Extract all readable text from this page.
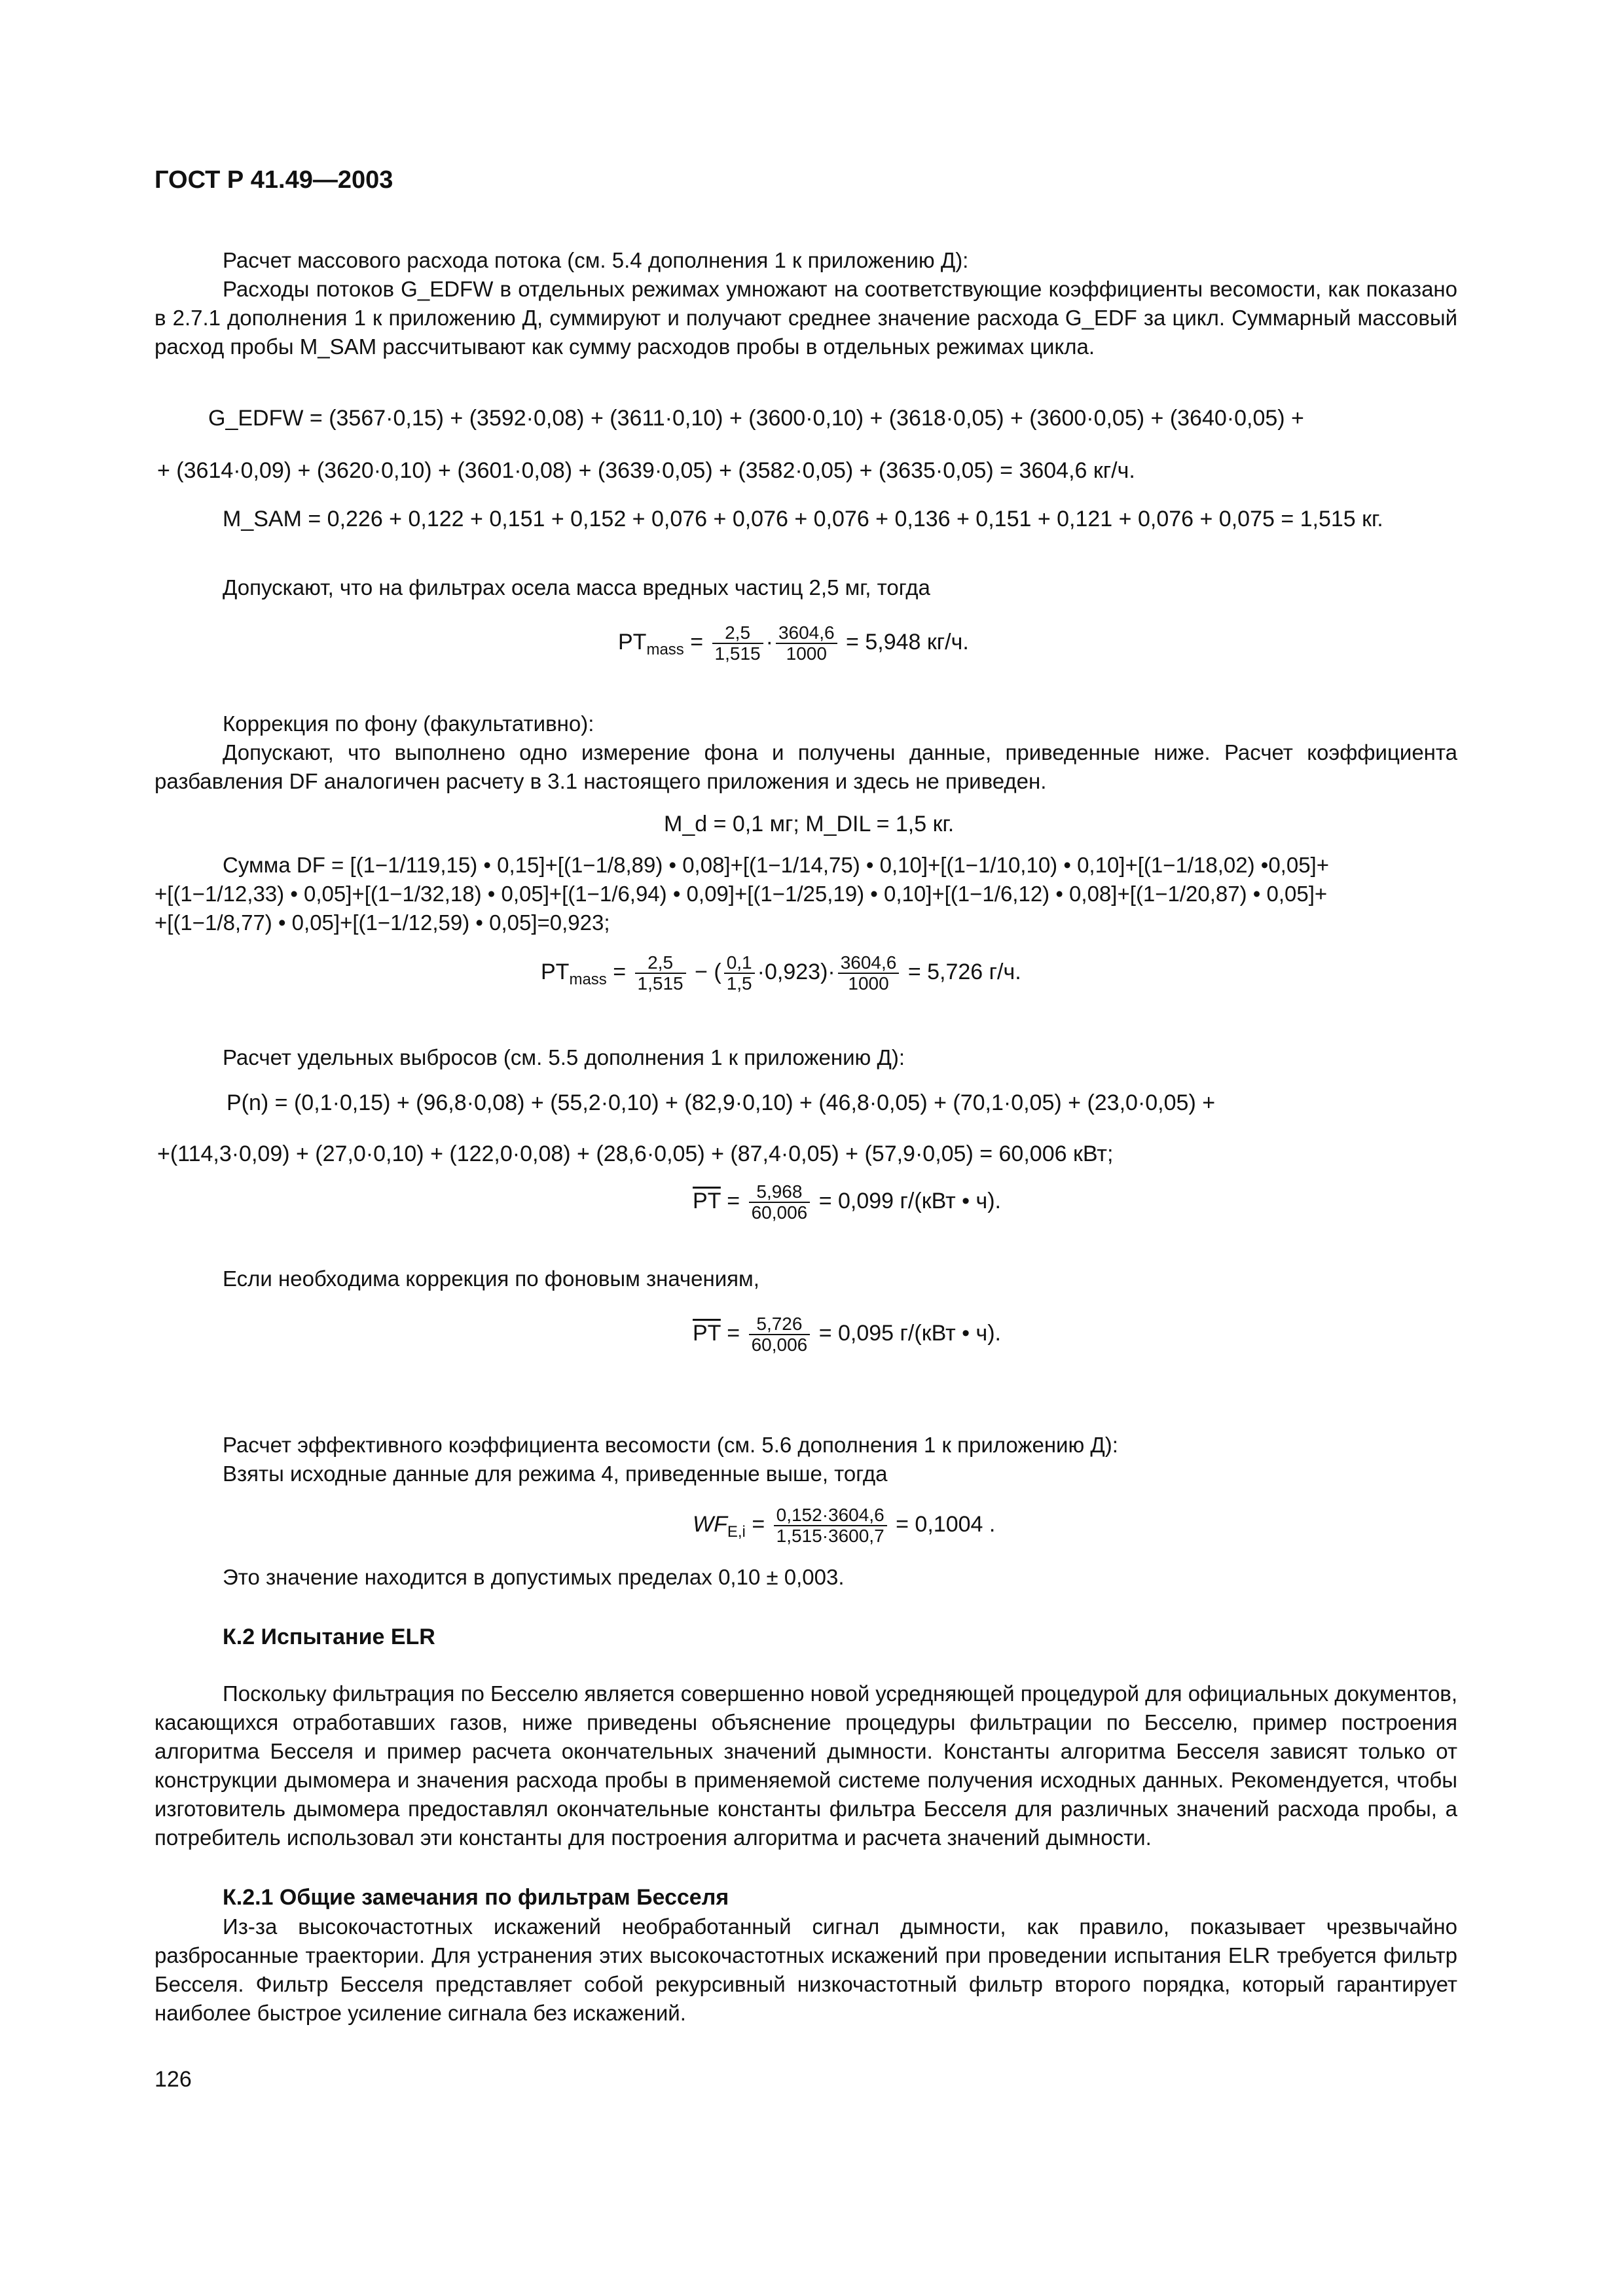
ГОСТ Р 41.49—2003
Расчет массового расхода потока (см. 5.4 дополнения 1 к приложению Д):
Расходы потоков G_EDFW в отдельных режимах умножают на соответствующие коэффициенты весомости, как показано в 2.7.1 дополнения 1 к приложению Д, суммируют и получают среднее значение расхода G_EDF за цикл. Суммарный массовый расход пробы M_SAM рассчитывают как сумму расходов пробы в отдельных режимах цикла.
G_EDFW = (3567·0,15) + (3592·0,08) + (3611·0,10) + (3600·0,10) + (3618·0,05) + (3600·0,05) + (3640·0,05) +
+ (3614·0,09) + (3620·0,10) + (3601·0,08) + (3639·0,05) + (3582·0,05) + (3635·0,05) = 3604,6 кг/ч.
M_SAM = 0,226 + 0,122 + 0,151 + 0,152 + 0,076 + 0,076 + 0,076 + 0,136 + 0,151 + 0,121 + 0,076 + 0,075 = 1,515 кг.
Допускают, что на фильтрах осела масса вредных частиц 2,5 мг, тогда
$PT_{mass} = \frac{2,5}{1,515} \cdot \frac{3604,6}{1000} = 5,948$ кг/ч.
Коррекция по фону (факультативно):
Допускают, что выполнено одно измерение фона и получены данные, приведенные ниже. Расчет коэффициента разбавления DF аналогичен расчету в 3.1 настоящего приложения и здесь не приведен.
M_d = 0,1 мг; M_DIL = 1,5 кг.
Сумма DF = [(1−1/119,15) • 0,15]+[(1−1/8,89) • 0,08]+[(1−1/14,75) • 0,10]+[(1−1/10,10) • 0,10]+[(1−1/18,02) •0,05]+
+[(1−1/12,33) • 0,05]+[(1−1/32,18) • 0,05]+[(1−1/6,94) • 0,09]+[(1−1/25,19) • 0,10]+[(1−1/6,12) • 0,08]+[(1−1/20,87) • 0,05]+
+[(1−1/8,77) • 0,05]+[(1−1/12,59) • 0,05]=0,923;
$PT_{mass} = \frac{2,5}{1,515}$ − ( $\frac{0,1}{1,5} \cdot 0,923)\cdot \frac{3604,6}{1000} = 5,726$ г/ч.
Расчет удельных выбросов (см. 5.5 дополнения 1 к приложению Д):
P(n) = (0,1·0,15) + (96,8·0,08) + (55,2·0,10) + (82,9·0,10) + (46,8·0,05) + (70,1·0,05) + (23,0·0,05) +
+(114,3·0,09) + (27,0·0,10) + (122,0·0,08) + (28,6·0,05) + (87,4·0,05) + (57,9·0,05) = 60,006 кВт;
$\overline{PT} = \frac{5,968}{60,006} = 0,099$ г/(кВт • ч).
Если необходима коррекция по фоновым значениям,
$\overline{PT} = \frac{5,726}{60,006} = 0,095$ г/(кВт • ч).
Расчет эффективного коэффициента весомости (см. 5.6 дополнения 1 к приложению Д):
Взяты исходные данные для режима 4, приведенные выше, тогда
$WF_{E,i} = \frac{0,152\cdot 3604,6}{1,515\cdot 3600,7} = 0,1004$ .
Это значение находится в допустимых пределах 0,10 ± 0,003.
К.2 Испытание ELR
Поскольку фильтрация по Бесселю является совершенно новой усредняющей процедурой для официальных документов, касающихся отработавших газов, ниже приведены объяснение процедуры фильтрации по Бесселю, пример построения алгоритма Бесселя и пример расчета окончательных значений дымности. Константы алгоритма Бесселя зависят только от конструкции дымомера и значения расхода пробы в применяемой системе получения исходных данных. Рекомендуется, чтобы изготовитель дымомера предоставлял окончательные константы фильтра Бесселя для различных значений расхода пробы, а потребитель использовал эти константы для построения алгоритма и расчета значений дымности.
К.2.1 Общие замечания по фильтрам Бесселя
Из-за высокочастотных искажений необработанный сигнал дымности, как правило, показывает чрезвычайно разбросанные траектории. Для устранения этих высокочастотных искажений при проведении испытания ELR требуется фильтр Бесселя. Фильтр Бесселя представляет собой рекурсивный низкочастотный фильтр второго порядка, который гарантирует наиболее быстрое усиление сигнала без искажений.
126
